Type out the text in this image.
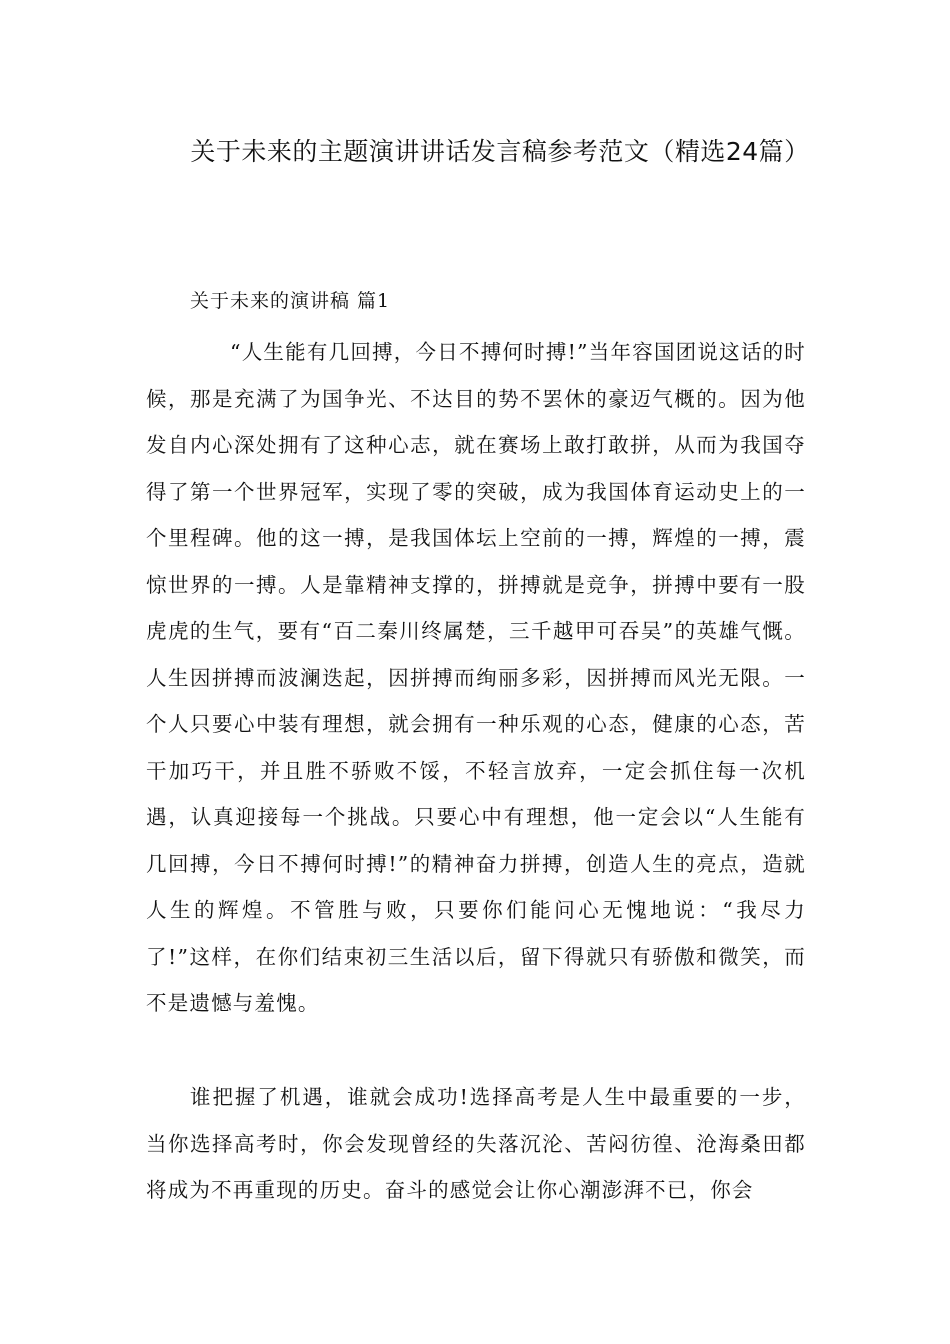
关于未来的主题演讲讲话发言稿参考范文（精选24篇）

关于未来的演讲稿 篇1

“人生能有几回搏，今日不搏何时搏!”当年容国团说这话的时候，那是充满了为国争光、不达目的势不罢休的豪迈气概的。因为他发自内心深处拥有了这种心志，就在赛场上敢打敢拼，从而为我国夺得了第一个世界冠军，实现了零的突破，成为我国体育运动史上的一个里程碑。他的这一搏，是我国体坛上空前的一搏，辉煌的一搏，震惊世界的一搏。人是靠精神支撑的，拼搏就是竞争，拼搏中要有一股虎虎的生气，要有“百二秦川终属楚，三千越甲可吞吴”的英雄气慨。人生因拼搏而波澜迭起，因拼搏而绚丽多彩，因拼搏而风光无限。一个人只要心中装有理想，就会拥有一种乐观的心态，健康的心态，苦干加巧干，并且胜不骄败不馁，不轻言放弃，一定会抓住每一次机遇，认真迎接每一个挑战。只要心中有理想，他一定会以“人生能有几回搏，今日不搏何时搏!”的精神奋力拼搏，创造人生的亮点，造就人生的辉煌。不管胜与败，只要你们能问心无愧地说：“我尽力了!”这样，在你们结束初三生活以后，留下得就只有骄傲和微笑，而不是遗憾与羞愧。

谁把握了机遇，谁就会成功!选择高考是人生中最重要的一步，当你选择高考时，你会发现曾经的失落沉沦、苦闷彷徨、沧海桑田都将成为不再重现的历史。奋斗的感觉会让你心潮澎湃不已，你会
